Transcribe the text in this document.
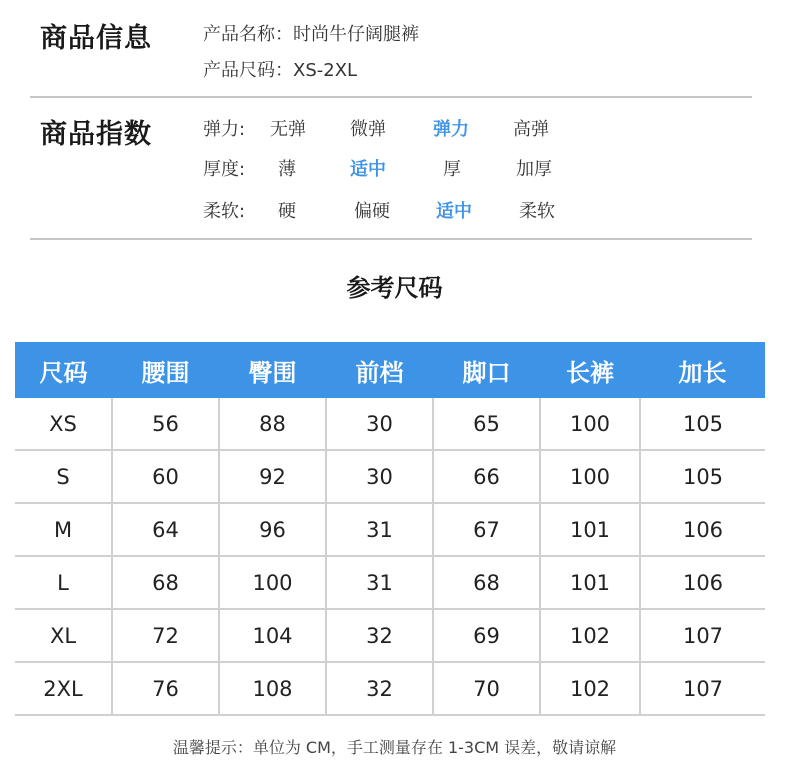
商品信息	产品名称：时尚牛仔阔腿裤
产品尺码：XS-2XL
商品指数	弹力: 无弹 微弹	弹力 高弹
厚度: 薄	适中	厚	加厚
柔软: 硬	偏硬	适中	柔软
参考尺码
尺码	腰围	臀围	前档	脚口	长裤	加长
XS	56	88	30	65	100	105
S	60	92	30	66	100	105
M	64	96	31	67	101	106
L	68	100	31	68	101	106
XL	72	104	32	69	102	107
2XL	76	108	32	70	102	107
温馨提示：单位为 CM，手工测量存在 1-3CM 误差，敬请谅解
